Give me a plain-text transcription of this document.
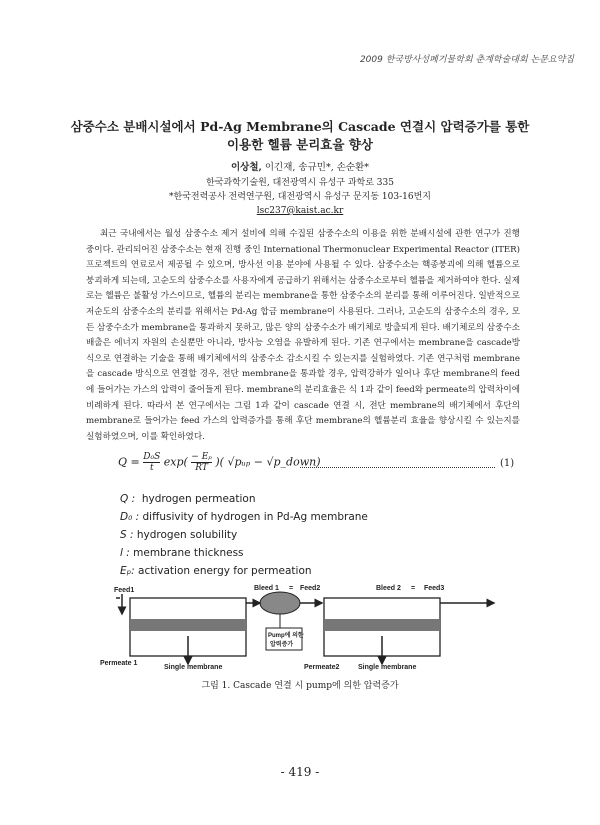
2009 한국방사성폐기물학회 춘계학술대회 논문요약집
삼중수소 분배시설에서 Pd-Ag Membrane의 Cascade 연결시 압력증가를 통한
이용한 헬륨 분리효율 향상
이상철, 이긴재, 송규민*, 손순환*
한국과학기술원, 대전광역시 유성구 과학로 335
*한국전력공사 전력연구원, 대전광역시 유성구 문지동 103-16번지
lsc237@kaist.ac.kr
최근 국내에서는 월성 삼중수소 제거 설비에 의해 수집된 삼중수소의 이용을 위한 분배시설에 관한 연구가 진행 중이다. 관리되어진 삼중수소는 현재 진행 중인 International Thermonuclear Experimental Reactor (ITER) 프로젝트의 연료로서 제공될 수 있으며, 방사선 이용 분야에 사용될 수 있다. 삼중수소는 핵종붕괴에 의해 헬륨으로 붕괴하게 되는데, 고순도의 삼중수소를 사용자에게 공급하기 위해서는 삼중수소로부터 헬륨을 제거하여야 한다. 실제로는 헬륨은 불활성 가스이므로, 헬륨의 분리는 membrane을 통한 삼중수소의 분리를 통해 이루어진다. 일반적으로 저순도의 삼중수소의 분리를 위해서는 Pd-Ag 합금 membrane이 사용된다. 그러나, 고순도의 삼중수소의 경우, 모든 삼중수소가 membrane을 통과하지 못하고, 많은 양의 삼중수소가 배기체로 방출되게 된다. 배기체로의 삼중수소 배출은 에너지 자원의 손실뿐만 아니라, 방사능 오염을 유발하게 된다. 기존 연구에서는 membrane을 cascade방식으로 연결하는 기술을 통해 배기체에서의 삼중수소 감소시킬 수 있는지를 실험하였다. 기존 연구처럼 membrane을 cascade 방식으로 연결할 경우, 전단 membrane을 통과할 경우, 압력강하가 일어나 후단 membrane의 feed에 들어가는 가스의 압력이 줄어들게 된다. membrane의 분리효율은 식 1과 같이 feed와 permeate의 압력차이에 비례하게 된다. 따라서 본 연구에서는 그림 1과 같이 cascade 연결 시, 전단 membrane의 배기체에서 후단의 membrane로 들어가는 feed 가스의 압력증가를 통해 후단 membrane의 헬륨분리 효율을 향상시킬 수 있는지를 실험하였으며, 이를 확인하였다.
$Q = \frac{\text{D₀S}}{t} \exp( \frac{\text{− Eₚ}}{RT}$ )( √pᵤₚ − √p_down)	(1)
Q : hydrogen permeation
D₀ : diffusivity of hydrogen in Pd-Ag membrane
S : hydrogen solubility
l : membrane thickness
Eₚ: activation energy for permeation
Feed1	Bleed 1 = Feed2	Bleed 2 = Feed3
Pump에 의한
압력증가
Permeate 1
Single membrane	Permeate2	Single membrane
그림 1. Cascade 연결 시 pump에 의한 압력증가
- 419 -
